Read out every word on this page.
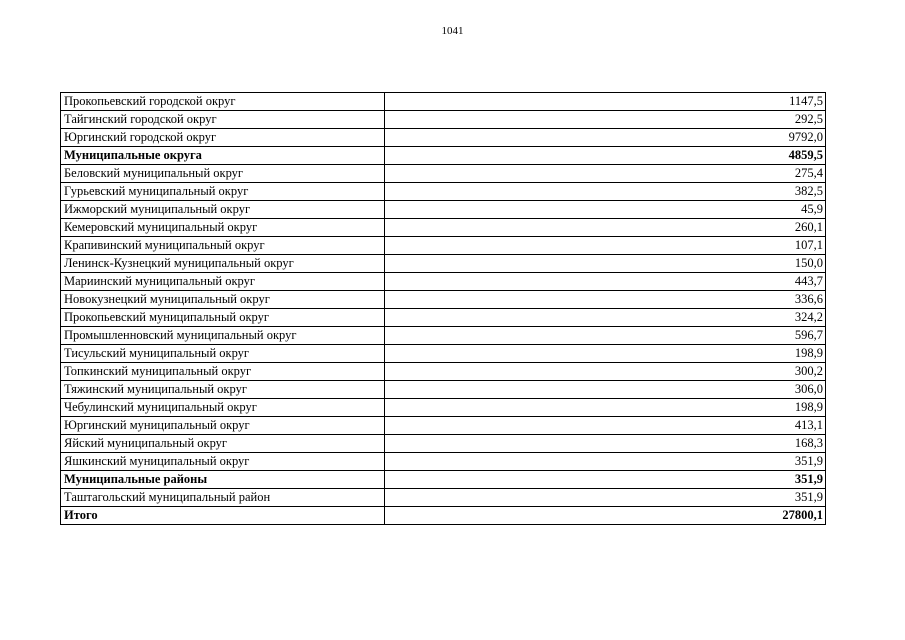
1041
Прокопьевский городской округ	1147,5
Тайгинский городской округ	292,5
Юргинский городской округ	9792,0
Муниципальные округа	4859,5
Беловский муниципальный округ	275,4
Гурьевский муниципальный округ	382,5
Ижморский муниципальный округ	45,9
Кемеровский муниципальный округ	260,1
Крапивинский муниципальный округ	107,1
Ленинск-Кузнецкий муниципальный округ	150,0
Мариинский муниципальный округ	443,7
Новокузнецкий муниципальный округ	336,6
Прокопьевский муниципальный округ	324,2
Промышленновский муниципальный округ	596,7
Тисульский муниципальный округ	198,9
Топкинский муниципальный округ	300,2
Тяжинский муниципальный округ	306,0
Чебулинский муниципальный округ	198,9
Юргинский муниципальный округ	413,1
Яйский муниципальный округ	168,3
Яшкинский муниципальный округ	351,9
Муниципальные районы	351,9
Таштагольский муниципальный район	351,9
Итого	27800,1
